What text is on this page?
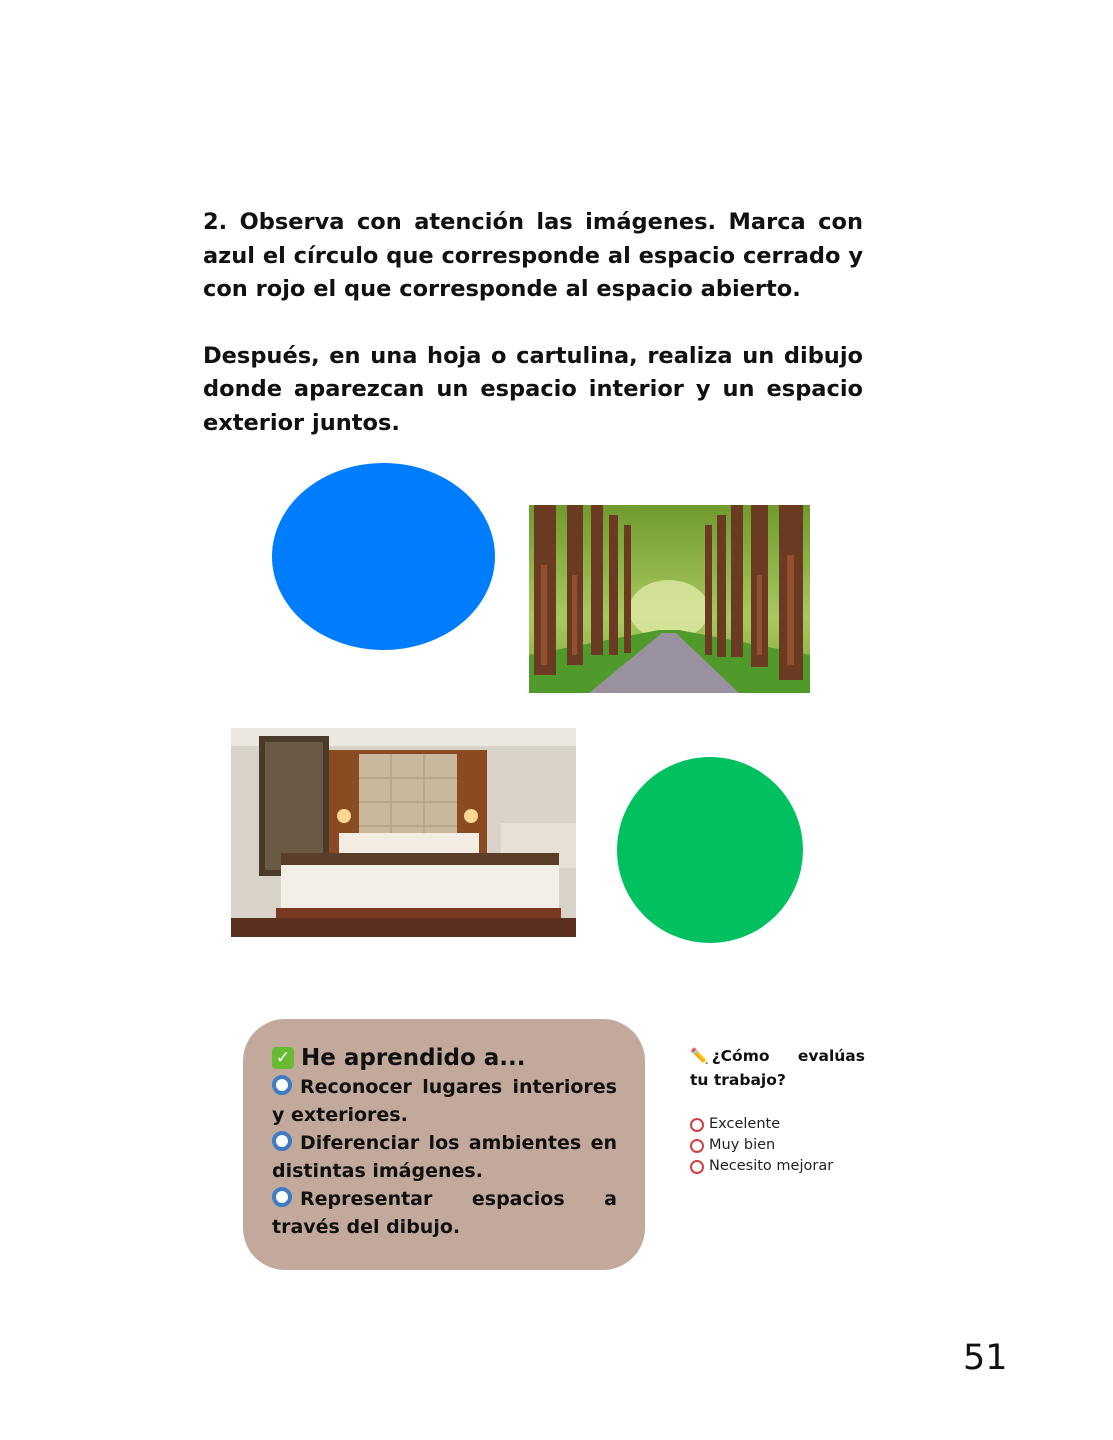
2. Observa con atención las imágenes. Marca con azul el círculo que corresponde al espacio cerrado y con rojo el que corresponde al espacio abierto.

Después, en una hoja o cartulina, realiza un dibujo donde aparezcan un espacio interior y un espacio exterior juntos.

✓ He aprendido a...
Reconocer lugares interiores y exteriores.
Diferenciar los ambientes en distintas imágenes.
Representar espacios a través del dibujo.
✏️ ¿Cómo evalúas tu trabajo?
Excelente
Muy bien
Necesito mejorar
51
